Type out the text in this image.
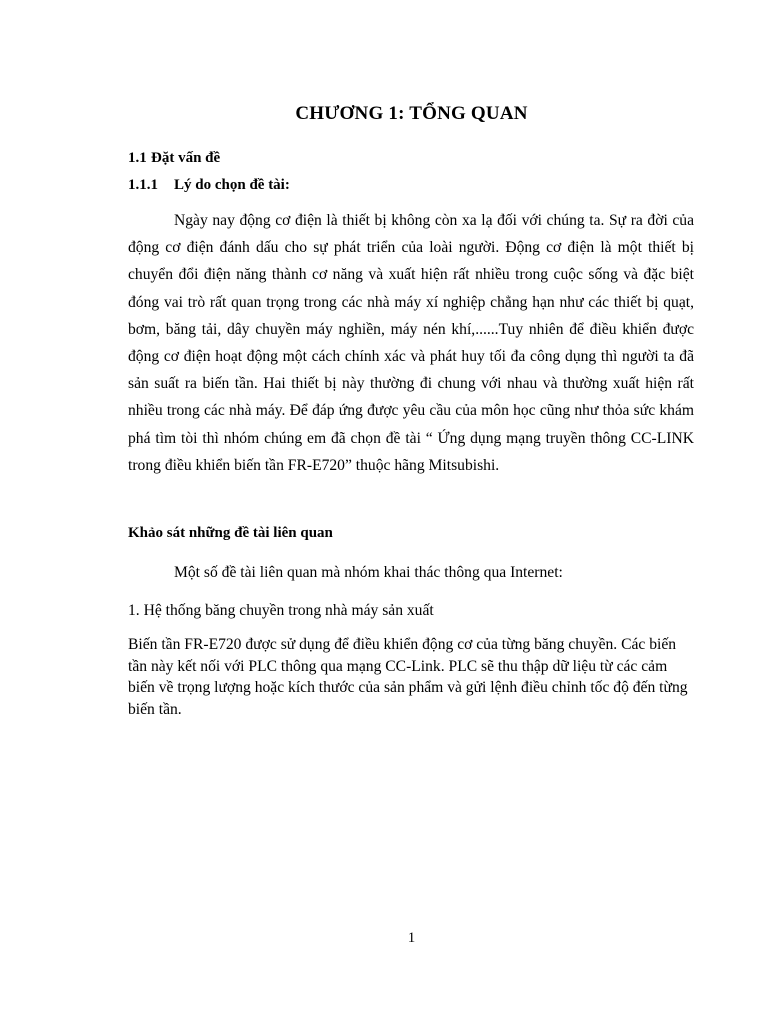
CHƯƠNG 1: TỔNG QUAN
1.1 Đặt vấn đề
1.1.1 Lý do chọn đề tài:

Ngày nay động cơ điện là thiết bị không còn xa lạ đối với chúng ta. Sự ra đời của động cơ điện đánh dấu cho sự phát triển của loài người. Động cơ điện là một thiết bị chuyển đổi điện năng thành cơ năng và xuất hiện rất nhiều trong cuộc sống và đặc biệt đóng vai trò rất quan trọng trong các nhà máy xí nghiệp chẳng hạn như các thiết bị quạt, bơm, băng tải, dây chuyền máy nghiền, máy nén khí,......Tuy nhiên để điều khiển được động cơ điện hoạt động một cách chính xác và phát huy tối đa công dụng thì người ta đã sản suất ra biến tần. Hai thiết bị này thường đi chung với nhau và thường xuất hiện rất nhiều trong các nhà máy. Để đáp ứng được yêu cầu của môn học cũng như thỏa sức khám phá tìm tòi thì nhóm chúng em đã chọn đề tài “ Ứng dụng mạng truyền thông CC-LINK trong điều khiển biến tần FR-E720” thuộc hãng Mitsubishi.

Khảo sát những đề tài liên quan
Một số đề tài liên quan mà nhóm khai thác thông qua Internet:
1. Hệ thống băng chuyền trong nhà máy sản xuất

Biến tần FR-E720 được sử dụng để điều khiển động cơ của từng băng chuyền. Các biến tần này kết nối với PLC thông qua mạng CC-Link. PLC sẽ thu thập dữ liệu từ các cảm biến về trọng lượng hoặc kích thước của sản phẩm và gửi lệnh điều chỉnh tốc độ đến từng biến tần.

1
